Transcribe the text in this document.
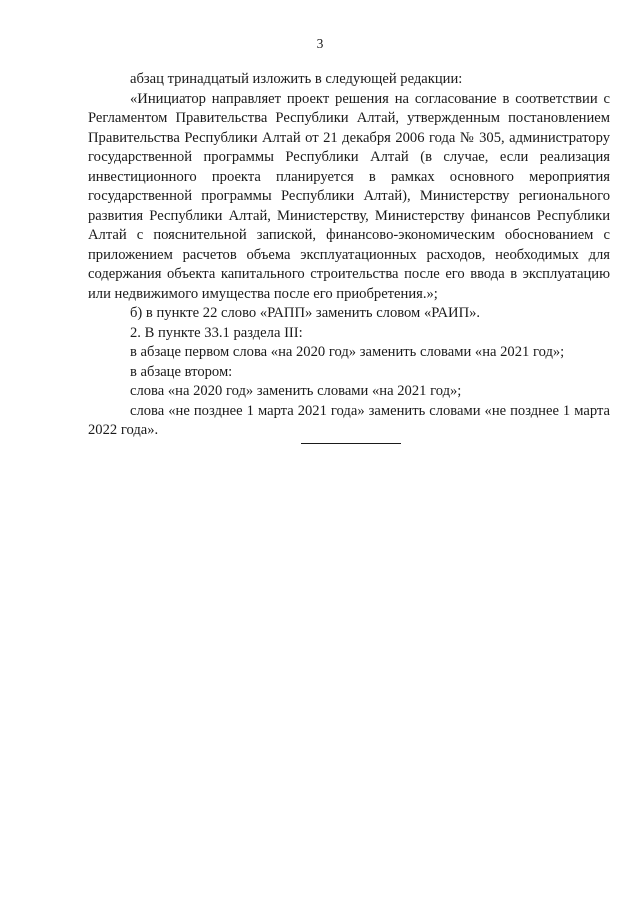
3

абзац тринадцатый изложить в следующей редакции:

«Инициатор направляет проект решения на согласование в соответствии с Регламентом Правительства Республики Алтай, утвержденным постановлением Правительства Республики Алтай от 21 декабря 2006 года № 305, администратору государственной программы Республики Алтай (в случае, если реализация инвестиционного проекта планируется в рамках основного мероприятия государственной программы Республики Алтай), Министерству регионального развития Республики Алтай, Министерству, Министерству финансов Республики Алтай с пояснительной запиской, финансово-экономическим обоснованием с приложением расчетов объема эксплуатационных расходов, необходимых для содержания объекта капитального строительства после его ввода в эксплуатацию или недвижимого имущества после его приобретения.»;

б) в пункте 22 слово «РАПП» заменить словом «РАИП».

2. В пункте 33.1 раздела III:

в абзаце первом слова «на 2020 год» заменить словами «на 2021 год»;

в абзаце втором:

слова «на 2020 год» заменить словами «на 2021 год»;

слова «не позднее 1 марта 2021 года» заменить словами «не позднее 1 марта 2022 года».
